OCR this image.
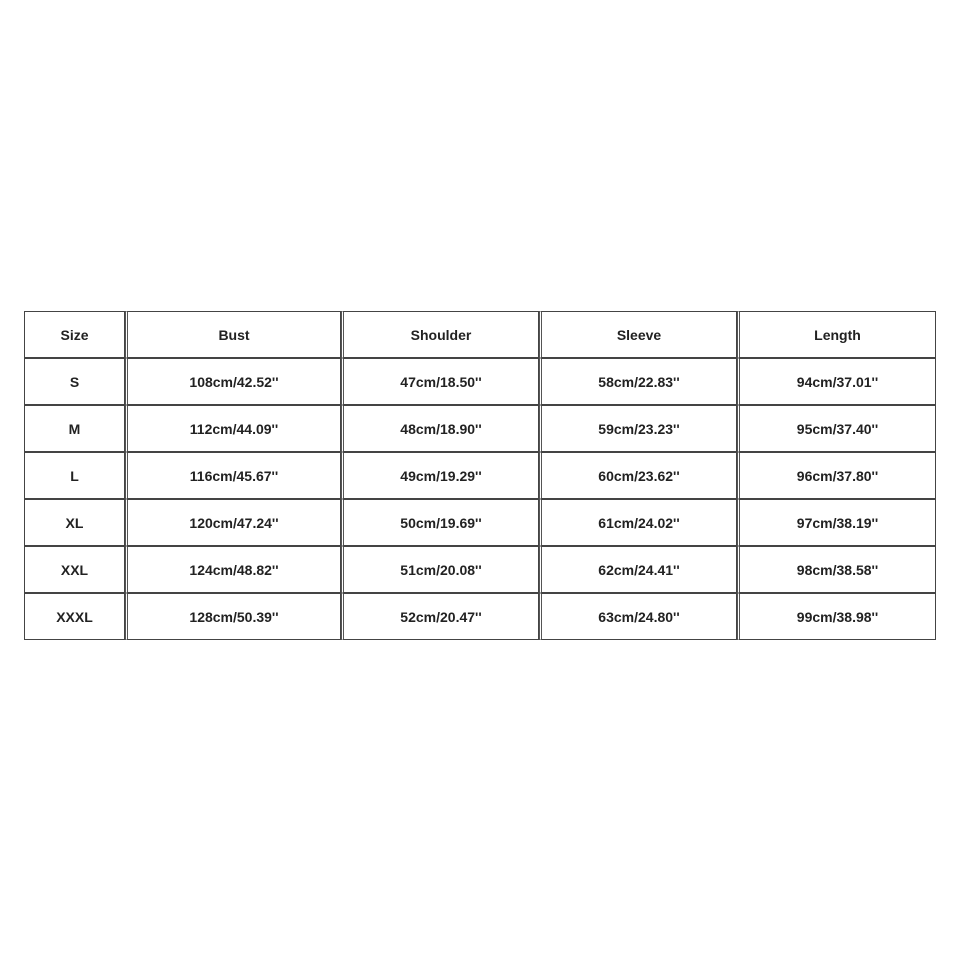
Size	Bust	Shoulder	Sleeve	Length
S	108cm/42.52''	47cm/18.50''	58cm/22.83''	94cm/37.01''
M	112cm/44.09''	48cm/18.90''	59cm/23.23''	95cm/37.40''
L	116cm/45.67''	49cm/19.29''	60cm/23.62''	96cm/37.80''
XL	120cm/47.24''	50cm/19.69''	61cm/24.02''	97cm/38.19''
XXL	124cm/48.82''	51cm/20.08''	62cm/24.41''	98cm/38.58''
XXXL	128cm/50.39''	52cm/20.47''	63cm/24.80''	99cm/38.98''
